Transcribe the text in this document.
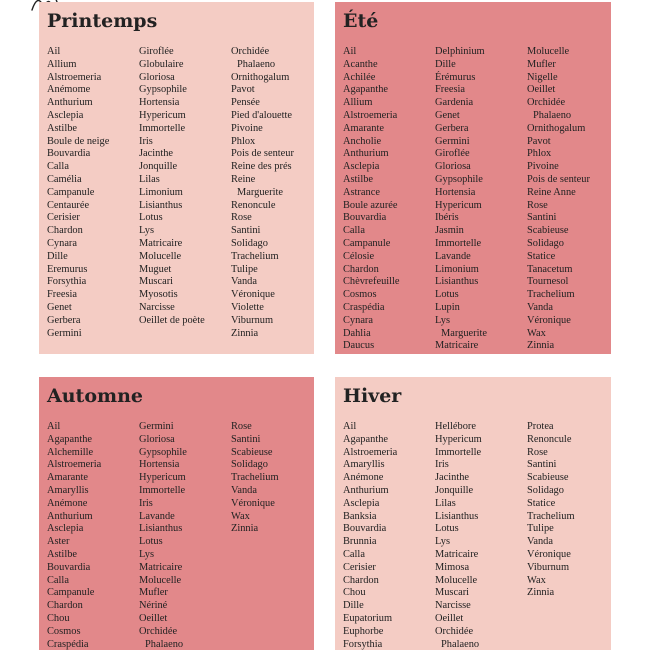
Printemps
Ail
Allium
Alstroemeria
Anémome
Anthurium
Asclepia
Astilbe
Boule de neige
Bouvardia
Calla
Camélia
Campanule
Centaurée
Cerisier
Chardon
Cynara
Dille
Eremurus
Forsythia
Freesia
Genet
Gerbera
Germini
Giroflée
Globulaire
Gloriosa
Gypsophile
Hortensia
Hypericum
Immortelle
Iris
Jacinthe
Jonquille
Lilas
Limonium
Lisianthus
Lotus
Lys
Matricaire
Molucelle
Muguet
Muscari
Myosotis
Narcisse
Oeillet de poète
Orchidée
Phalaeno
Ornithogalum
Pavot
Pensée
Pied d'alouette
Pivoine
Phlox
Pois de senteur
Reine des prés
Reine
Marguerite
Renoncule
Rose
Santini
Solidago
Trachelium
Tulipe
Vanda
Véronique
Violette
Viburnum
Zinnia
Été
Ail
Acanthe
Achilée
Agapanthe
Allium
Alstroemeria
Amarante
Ancholie
Anthurium
Asclepia
Astilbe
Astrance
Boule azurée
Bouvardia
Calla
Campanule
Célosie
Chardon
Chèvrefeuille
Cosmos
Craspédia
Cynara
Dahlia
Daucus
Delphinium
Dille
Érémurus
Freesia
Gardenia
Genet
Gerbera
Germini
Giroflée
Gloriosa
Gypsophile
Hortensia
Hypericum
Ibéris
Jasmin
Immortelle
Lavande
Limonium
Lisianthus
Lotus
Lupin
Lys
Marguerite
Matricaire
Molucelle
Mufler
Nigelle
Oeillet
Orchidée
Phalaeno
Ornithogalum
Pavot
Phlox
Pivoine
Pois de senteur
Reine Anne
Rose
Santini
Scabieuse
Solidago
Statice
Tanacetum
Tournesol
Trachelium
Vanda
Véronique
Wax
Zinnia
Automne
Ail
Agapanthe
Alchemille
Alstroemeria
Amarante
Amaryllis
Anémone
Anthurium
Asclepia
Aster
Astilbe
Bouvardia
Calla
Campanule
Chardon
Chou
Cosmos
Craspédia
Germini
Gloriosa
Gypsophile
Hortensia
Hypericum
Immortelle
Iris
Lavande
Lisianthus
Lotus
Lys
Matricaire
Molucelle
Mufler
Nériné
Oeillet
Orchidée
Phalaeno
Rose
Santini
Scabieuse
Solidago
Trachelium
Vanda
Véronique
Wax
Zinnia
Hiver
Ail
Agapanthe
Alstroemeria
Amaryllis
Anémone
Anthurium
Asclepia
Banksia
Bouvardia
Brunnia
Calla
Cerisier
Chardon
Chou
Dille
Eupatorium
Euphorbe
Forsythia
Hellébore
Hypericum
Immortelle
Iris
Jacinthe
Jonquille
Lilas
Lisianthus
Lotus
Lys
Matricaire
Mimosa
Molucelle
Muscari
Narcisse
Oeillet
Orchidée
Phalaeno
Protea
Renoncule
Rose
Santini
Scabieuse
Solidago
Statice
Trachelium
Tulipe
Vanda
Véronique
Viburnum
Wax
Zinnia
